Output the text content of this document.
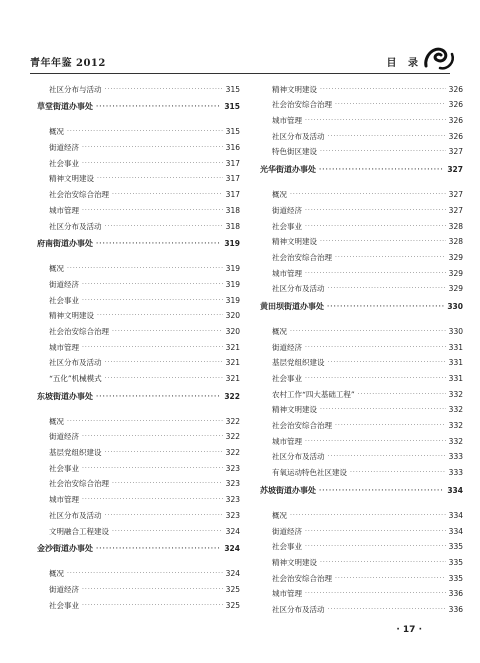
青年年鉴 2012	目 录
社区分布与活动 ·····	315
草堂街道办事处 ·····	315
概况 ·····	315
街道经济 ·····	316
社会事业 ·····	317
精神文明建设 ·····	317
社会治安综合治理 ·····	317
城市管理 ·····	318
社区分布及活动 ·····	318
府南街道办事处 ·····	319
概况 ·····	319
街道经济 ·····	319
社会事业 ·····	319
精神文明建设 ·····	320
社会治安综合治理 ·····	320
城市管理 ·····	321
社区分布及活动 ·····	321
“五化”机械模式 ·····	321
东坡街道办事处 ·····	322
概况 ·····	322
街道经济 ·····	322
基层党组织建设 ·····	322
社会事业 ·····	323
社会治安综合治理 ·····	323
城市管理 ·····	323
社区分布及活动 ·····	323
文明融合工程建设 ·····	324
金沙街道办事处 ·····	324
概况 ·····	324
街道经济 ·····	325
社会事业 ·····	325
精神文明建设 ·····	326
社会治安综合治理 ·····	326
城市管理 ·····	326
社区分布及活动 ·····	326
特色街区建设 ·····	327
光华街道办事处 ·····	327
概况 ·····	327
街道经济 ·····	327
社会事业 ·····	328
精神文明建设 ·····	328
社会治安综合治理 ·····	329
城市管理 ·····	329
社区分布及活动 ·····	329
黄田坝街道办事处 ·····	330
概况 ·····	330
街道经济 ·····	331
基层党组织建设 ·····	331
社会事业 ·····	331
农村工作“四大基础工程” ·····	332
精神文明建设 ·····	332
社会治安综合治理 ·····	332
城市管理 ·····	332
社区分布及活动 ·····	333
有氧运动特色社区建设 ·····	333
苏坡街道办事处 ·····	334
概况 ·····	334
街道经济 ·····	334
社会事业 ·····	335
精神文明建设 ·····	335
社会治安综合治理 ·····	335
城市管理 ·····	336
社区分布及活动 ·····	336
· 17 ·
